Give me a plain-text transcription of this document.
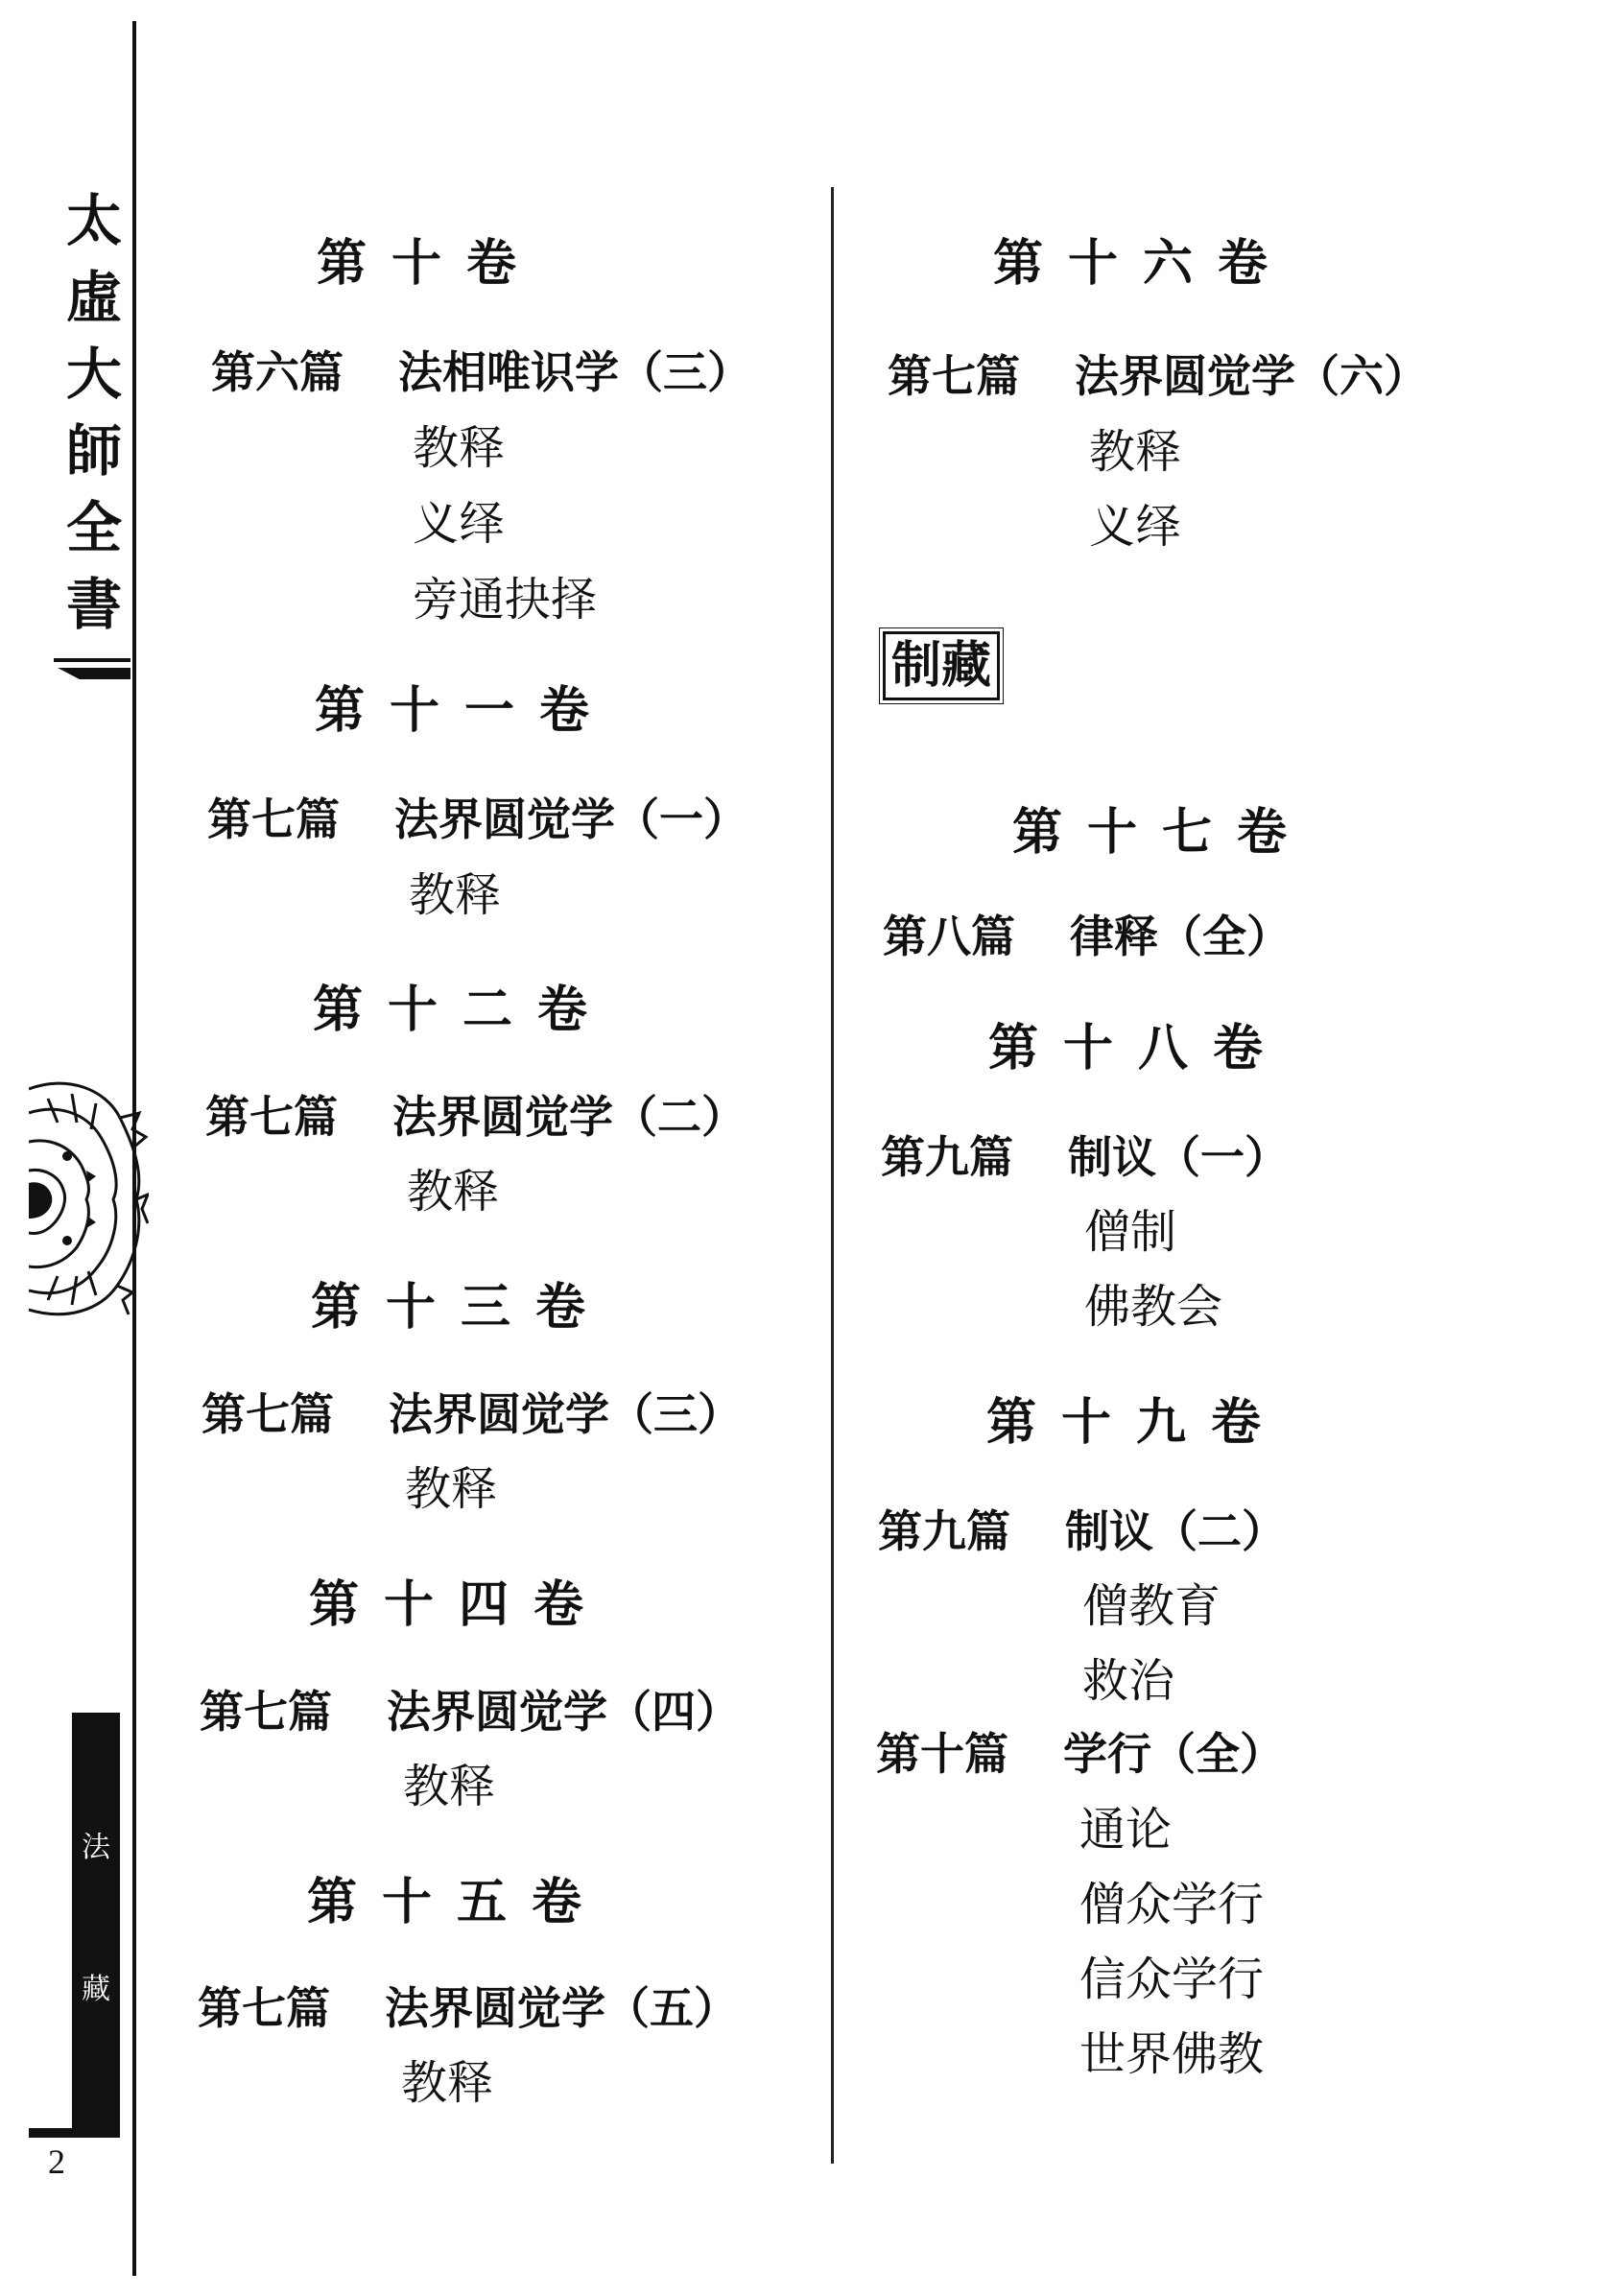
太
虛
大
師
全
書
法
藏
2
第十卷
第六篇 法相唯识学（三）
教释
义绎
旁通抉择
第十一卷
第七篇 法界圆觉学（一）
教释
第十二卷
第七篇 法界圆觉学（二）
教释
第十三卷
第七篇 法界圆觉学（三）
教释
第十四卷
第七篇 法界圆觉学（四）
教释
第十五卷
第七篇 法界圆觉学（五）
教释
第十六卷
第七篇 法界圆觉学（六）
教释
义绎
制藏
第十七卷
第八篇 律释（全）
第十八卷
第九篇 制议（一）
僧制
佛教会
第十九卷
第九篇 制议（二）
僧教育
救治
第十篇 学行（全）
通论
僧众学行
信众学行
世界佛教
